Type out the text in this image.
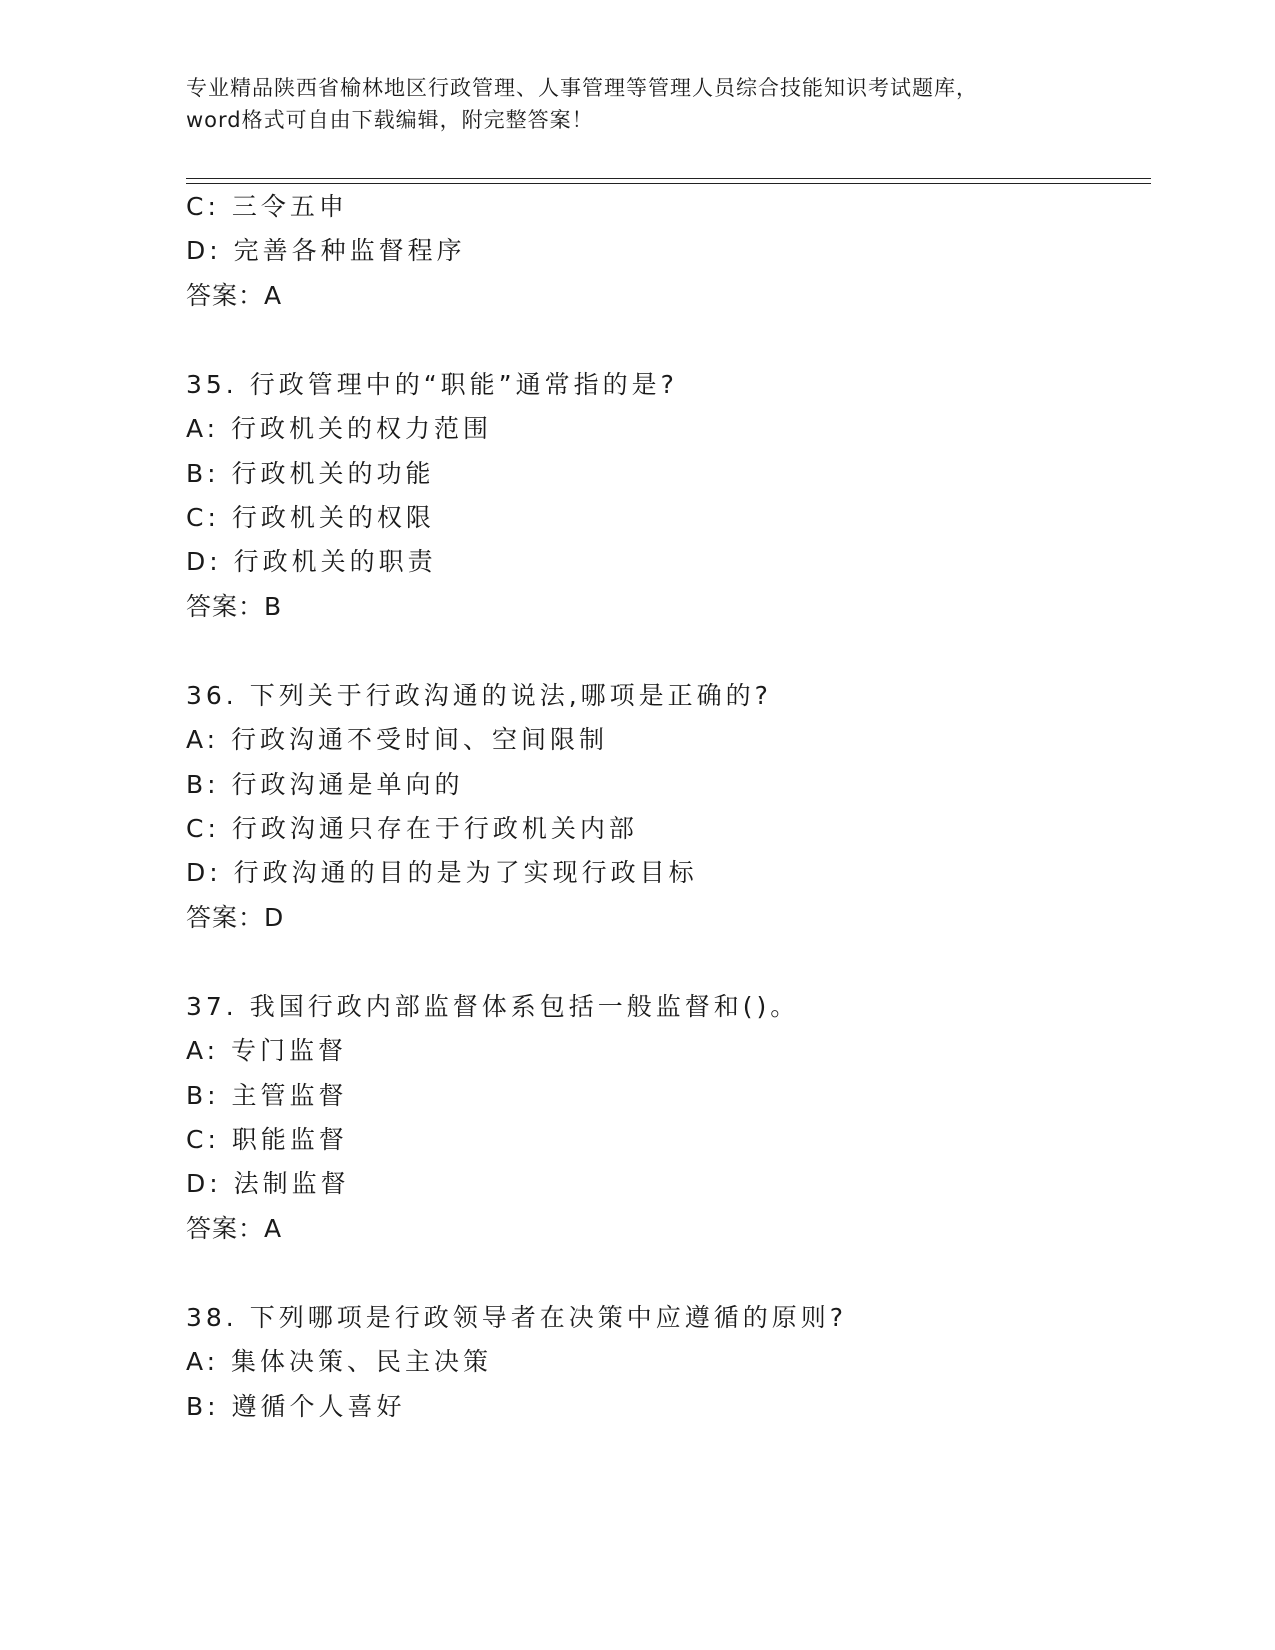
专业精品陕西省榆林地区行政管理、人事管理等管理人员综合技能知识考试题库，
word格式可自由下载编辑，附完整答案！
C: 三令五申
D: 完善各种监督程序
答案：A
35. 行政管理中的“职能”通常指的是?
A: 行政机关的权力范围
B: 行政机关的功能
C: 行政机关的权限
D: 行政机关的职责
答案：B
36. 下列关于行政沟通的说法,哪项是正确的?
A: 行政沟通不受时间、空间限制
B: 行政沟通是单向的
C: 行政沟通只存在于行政机关内部
D: 行政沟通的目的是为了实现行政目标
答案：D
37. 我国行政内部监督体系包括一般监督和()。
A: 专门监督
B: 主管监督
C: 职能监督
D: 法制监督
答案：A
38. 下列哪项是行政领导者在决策中应遵循的原则?
A: 集体决策、民主决策
B: 遵循个人喜好
